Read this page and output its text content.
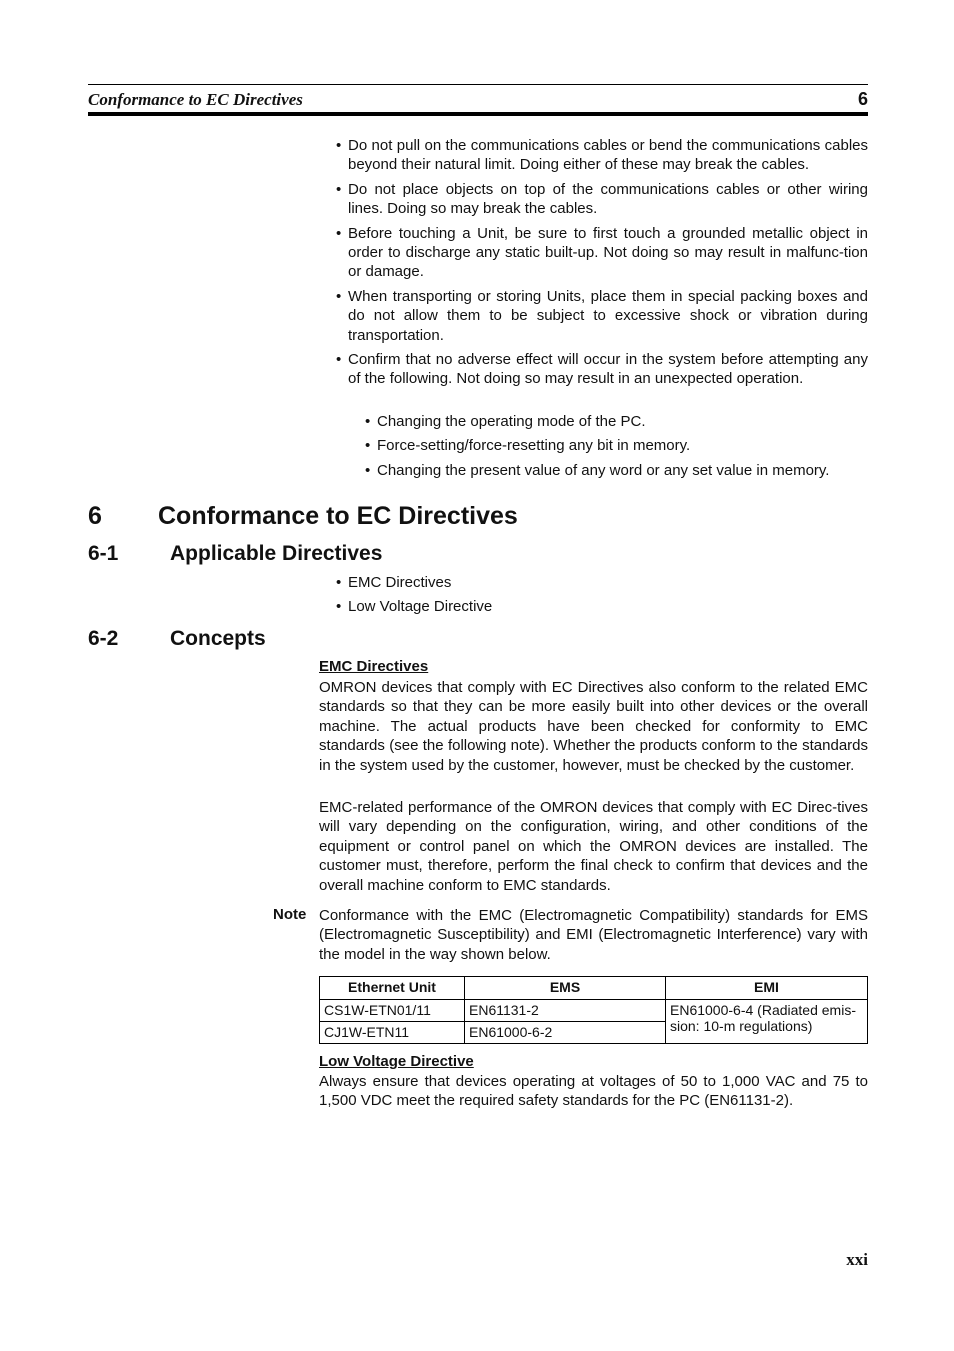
Conformance to EC Directives	6
• Do not pull on the communications cables or bend the communications cables beyond their natural limit. Doing either of these may break the cables.
• Do not place objects on top of the communications cables or other wiring lines. Doing so may break the cables.
• Before touching a Unit, be sure to first touch a grounded metallic object in order to discharge any static built-up. Not doing so may result in malfunc-tion or damage.
• When transporting or storing Units, place them in special packing boxes and do not allow them to be subject to excessive shock or vibration during transportation.
• Confirm that no adverse effect will occur in the system before attempting any of the following. Not doing so may result in an unexpected operation.
• Changing the operating mode of the PC.
• Force-setting/force-resetting any bit in memory.
• Changing the present value of any word or any set value in memory.
6 Conformance to EC Directives
6-1 Applicable Directives
• EMC Directives
• Low Voltage Directive
6-2 Concepts
EMC Directives
OMRON devices that comply with EC Directives also conform to the related EMC standards so that they can be more easily built into other devices or the overall machine. The actual products have been checked for conformity to EMC standards (see the following note). Whether the products conform to the standards in the system used by the customer, however, must be checked by the customer.
EMC-related performance of the OMRON devices that comply with EC Direc-tives will vary depending on the configuration, wiring, and other conditions of the equipment or control panel on which the OMRON devices are installed. The customer must, therefore, perform the final check to confirm that devices and the overall machine conform to EMC standards.
Note Conformance with the EMC (Electromagnetic Compatibility) standards for EMS (Electromagnetic Susceptibility) and EMI (Electromagnetic Interference) vary with the model in the way shown below.
Ethernet Unit	EMS	EMI
CS1W-ETN01/11	EN61131-2	EN61000-6-4 (Radiated emis-sion: 10-m regulations)
CJ1W-ETN11	EN61000-6-2	
Low Voltage Directive
Always ensure that devices operating at voltages of 50 to 1,000 VAC and 75 to 1,500 VDC meet the required safety standards for the PC (EN61131-2).
xxi
